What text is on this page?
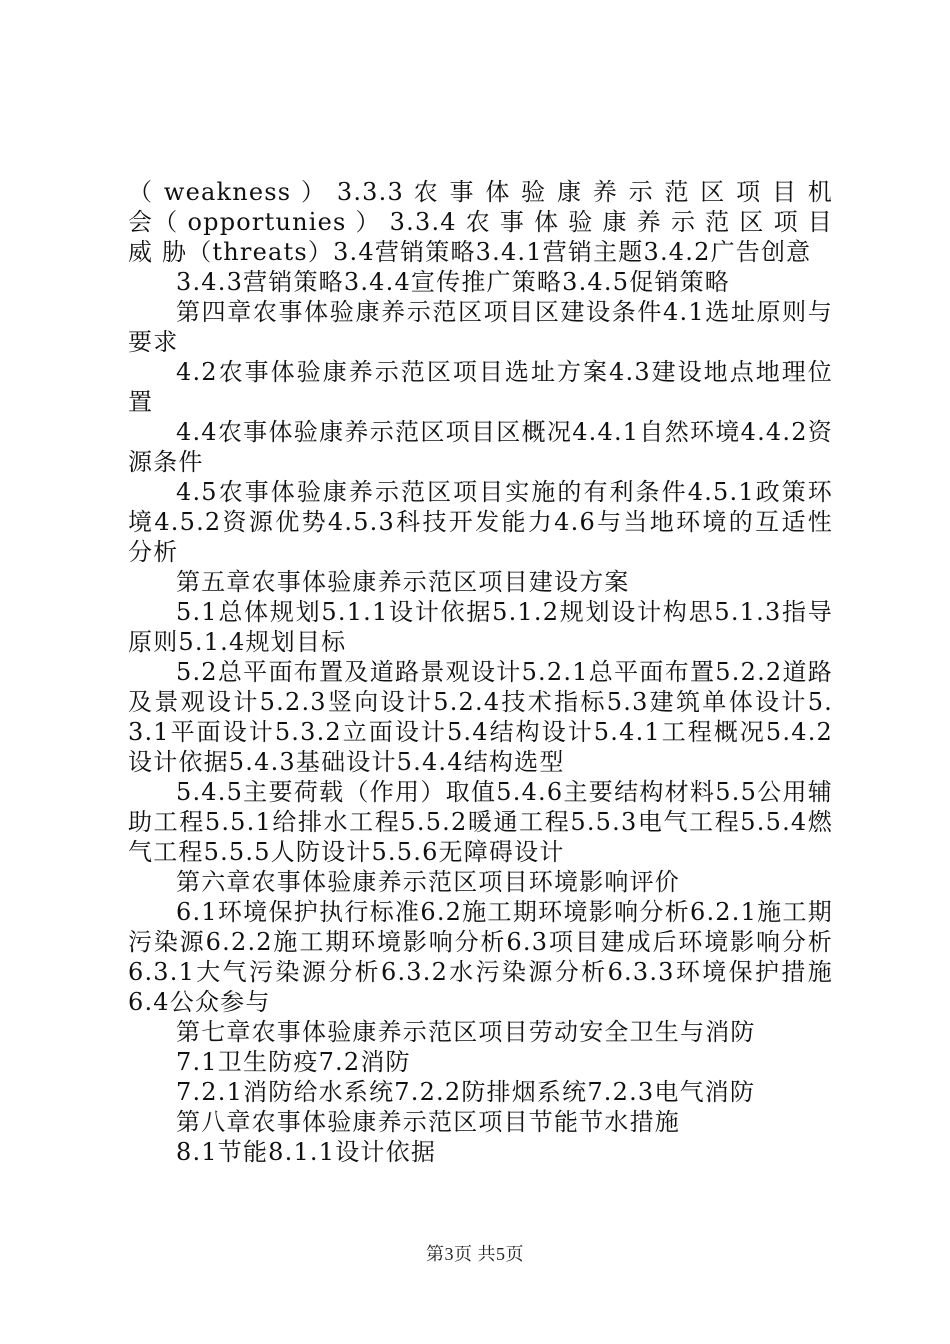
（ weakness ） 3.3.3 农 事 体 验 康 养 示 范 区 项 目 机 会（ opportunies ） 3.3.4 农 事 体 验 康 养 示 范 区 项 目 威 胁（threats）3.4营销策略3.4.1营销主题3.4.2广告创意

3.4.3营销策略3.4.4宣传推广策略3.4.5促销策略

第四章农事体验康养示范区项目区建设条件4.1选址原则与要求

4.2农事体验康养示范区项目选址方案4.3建设地点地理位置

4.4农事体验康养示范区项目区概况4.4.1自然环境4.4.2资源条件

4.5农事体验康养示范区项目实施的有利条件4.5.1政策环境4.5.2资源优势4.5.3科技开发能力4.6与当地环境的互适性分析

第五章农事体验康养示范区项目建设方案

5.1总体规划5.1.1设计依据5.1.2规划设计构思5.1.3指导原则5.1.4规划目标

5.2总平面布置及道路景观设计5.2.1总平面布置5.2.2道路及景观设计5.2.3竖向设计5.2.4技术指标5.3建筑单体设计5.3.1平面设计5.3.2立面设计5.4结构设计5.4.1工程概况5.4.2设计依据5.4.3基础设计5.4.4结构选型

5.4.5主要荷载（作用）取值5.4.6主要结构材料5.5公用辅助工程5.5.1给排水工程5.5.2暖通工程5.5.3电气工程5.5.4燃气工程5.5.5人防设计5.5.6无障碍设计

第六章农事体验康养示范区项目环境影响评价

6.1环境保护执行标准6.2施工期环境影响分析6.2.1施工期污染源6.2.2施工期环境影响分析6.3项目建成后环境影响分析6.3.1大气污染源分析6.3.2水污染源分析6.3.3环境保护措施6.4公众参与

第七章农事体验康养示范区项目劳动安全卫生与消防

7.1卫生防疫7.2消防

7.2.1消防给水系统7.2.2防排烟系统7.2.3电气消防

第八章农事体验康养示范区项目节能节水措施

8.1节能8.1.1设计依据

第3页 共5页
